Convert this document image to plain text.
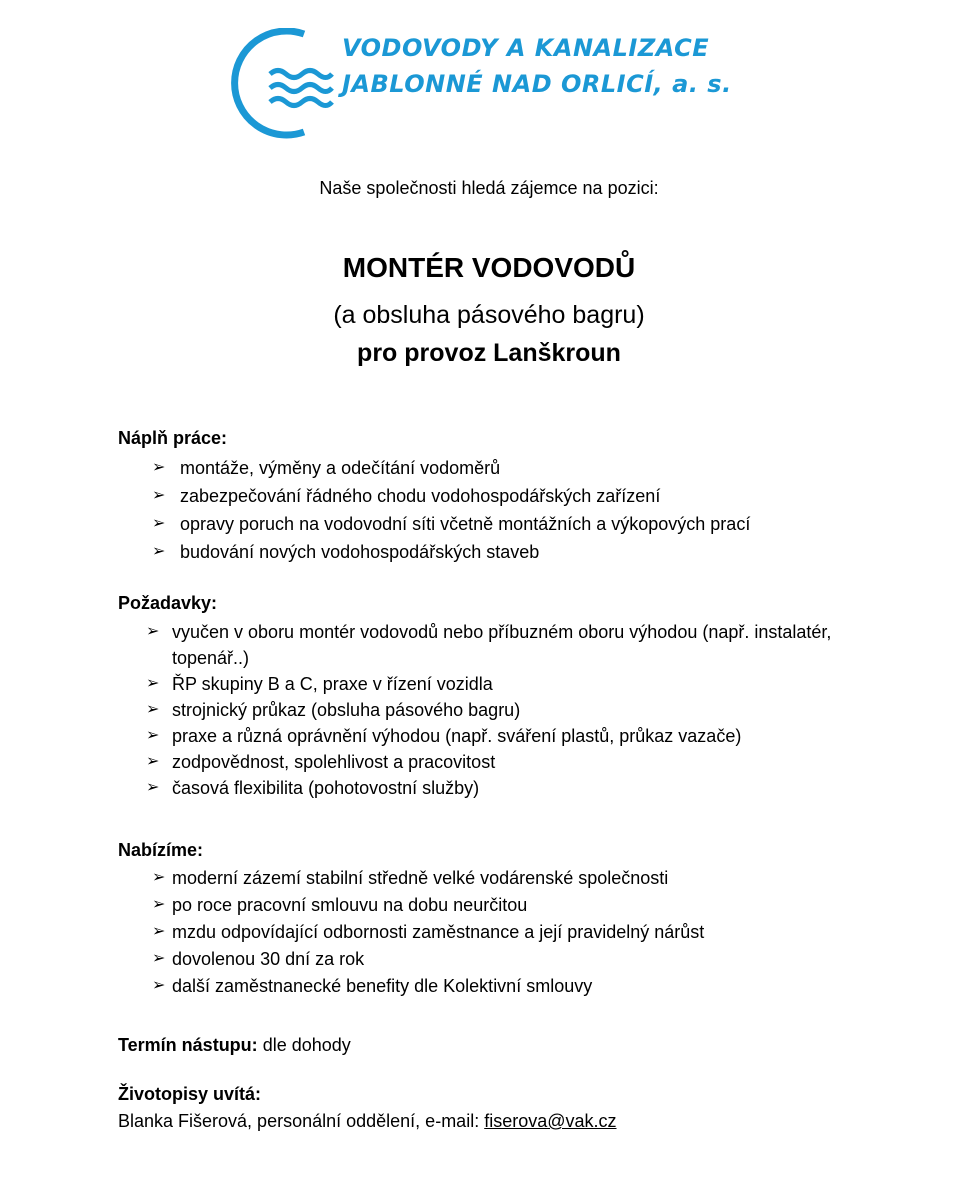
VODOVODY A KANALIZACE
JABLONNÉ NAD ORLICÍ, a. s.
Naše společnosti hledá zájemce na pozici:
MONTÉR VODOVODŮ
(a obsluha pásového bagru)
pro provoz Lanškroun
Náplň práce:
➢ montáže, výměny a odečítání vodoměrů
➢ zabezpečování řádného chodu vodohospodářských zařízení
➢ opravy poruch na vodovodní síti včetně montážních a výkopových prací
➢ budování nových vodohospodářských staveb
Požadavky:
➢ vyučen v oboru montér vodovodů nebo příbuzném oboru výhodou (např. instalatér, topenář..)
➢ ŘP skupiny B a C, praxe v řízení vozidla
➢ strojnický průkaz (obsluha pásového bagru)
➢ praxe a různá oprávnění výhodou (např. sváření plastů, průkaz vazače)
➢ zodpovědnost, spolehlivost a pracovitost
➢ časová flexibilita (pohotovostní služby)
Nabízíme:
➢ moderní zázemí stabilní středně velké vodárenské společnosti
➢ po roce pracovní smlouvu na dobu neurčitou
➢ mzdu odpovídající odbornosti zaměstnance a její pravidelný nárůst
➢ dovolenou 30 dní za rok
➢ další zaměstnanecké benefity dle Kolektivní smlouvy
Termín nástupu: dle dohody
Životopisy uvítá:
Blanka Fišerová, personální oddělení, e-mail: fiserova@vak.cz
